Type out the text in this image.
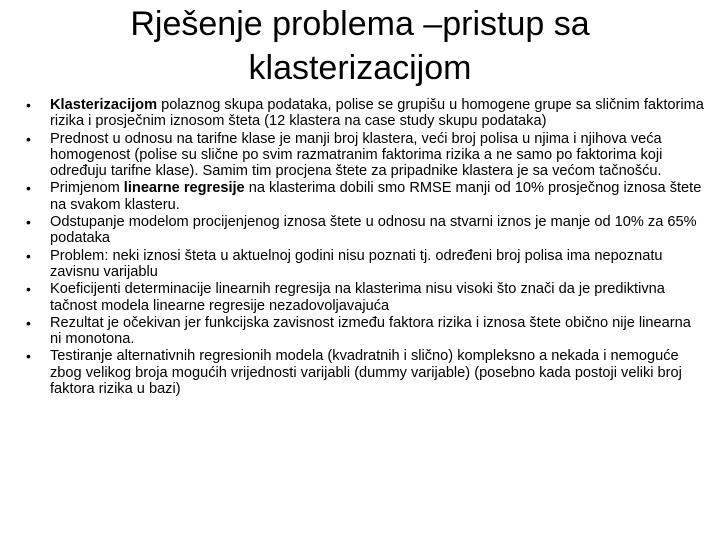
Rješenje problema –pristup sa
klasterizacijom
•	Klasterizacijom polaznog skupa podataka, polise se grupišu u homogene grupe sa sličnim faktorima rizika i prosječnim iznosom šteta (12 klastera na case study skupu podataka)
•	Prednost u odnosu na tarifne klase je manji broj klastera, veći broj polisa u njima i njihova veća homogenost (polise su slične po svim razmatranim faktorima rizika a ne samo po faktorima koji određuju tarifne klase). Samim tim procjena štete za pripadnike klastera je sa većom tačnošću.
•	Primjenom linearne regresije na klasterima dobili smo RMSE manji od 10% prosječnog iznosa štete na svakom klasteru.
•	Odstupanje modelom procijenjenog iznosa štete u odnosu na stvarni iznos je manje od 10% za 65% podataka
•	Problem: neki iznosi šteta u aktuelnoj godini nisu poznati tj. određeni broj polisa ima nepoznatu zavisnu varijablu
•	Koeficijenti determinacije linearnih regresija na klasterima nisu visoki što znači da je prediktivna tačnost modela linearne regresije nezadovoljavajuća
•	Rezultat je očekivan jer funkcijska zavisnost između faktora rizika i iznosa štete obično nije linearna ni monotona.
•	Testiranje alternativnih regresionih modela (kvadratnih i slično) kompleksno a nekada i nemoguće zbog velikog broja mogućih vrijednosti varijabli (dummy varijable) (posebno kada postoji veliki broj faktora rizika u bazi)
